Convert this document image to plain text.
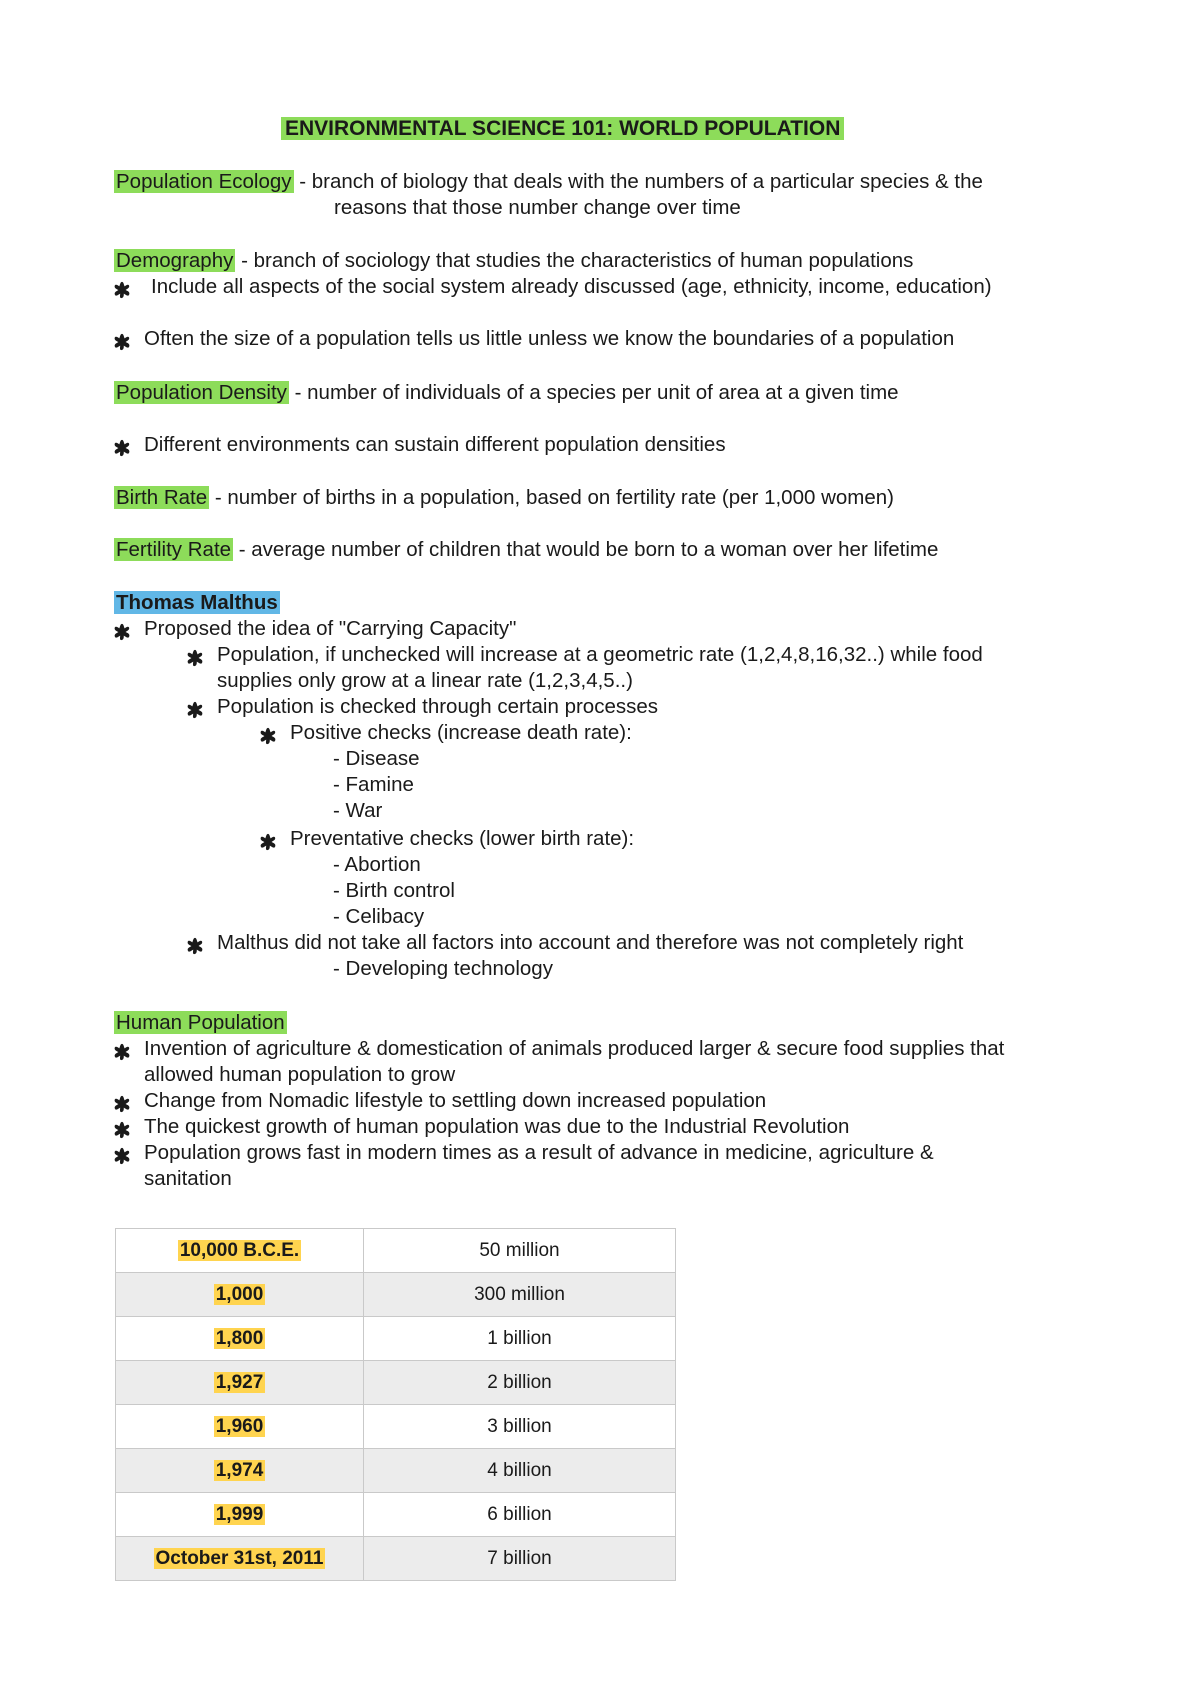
ENVIRONMENTAL SCIENCE 101: WORLD POPULATION
Population Ecology - branch of biology that deals with the numbers of a particular species & the
reasons that those number change over time
Demography - branch of sociology that studies the characteristics of human populations
Include all aspects of the social system already discussed (age, ethnicity, income, education)
Often the size of a population tells us little unless we know the boundaries of a population
Population Density - number of individuals of a species per unit of area at a given time
Different environments can sustain different population densities
Birth Rate - number of births in a population, based on fertility rate (per 1,000 women)
Fertility Rate - average number of children that would be born to a woman over her lifetime
Thomas Malthus
Proposed the idea of "Carrying Capacity"
Population, if unchecked will increase at a geometric rate (1,2,4,8,16,32..) while food
supplies only grow at a linear rate (1,2,3,4,5..)
Population is checked through certain processes
Positive checks (increase death rate):
- Disease
- Famine
- War
Preventative checks (lower birth rate):
- Abortion
- Birth control
- Celibacy
Malthus did not take all factors into account and therefore was not completely right
- Developing technology
Human Population
Invention of agriculture & domestication of animals produced larger & secure food supplies that
allowed human population to grow
Change from Nomadic lifestyle to settling down increased population
The quickest growth of human population was due to the Industrial Revolution
Population grows fast in modern times as a result of advance in medicine, agriculture &
sanitation
10,000 B.C.E.	50 million
1,000	300 million
1,800	1 billion
1,927	2 billion
1,960	3 billion
1,974	4 billion
1,999	6 billion
October 31st, 2011	7 billion
